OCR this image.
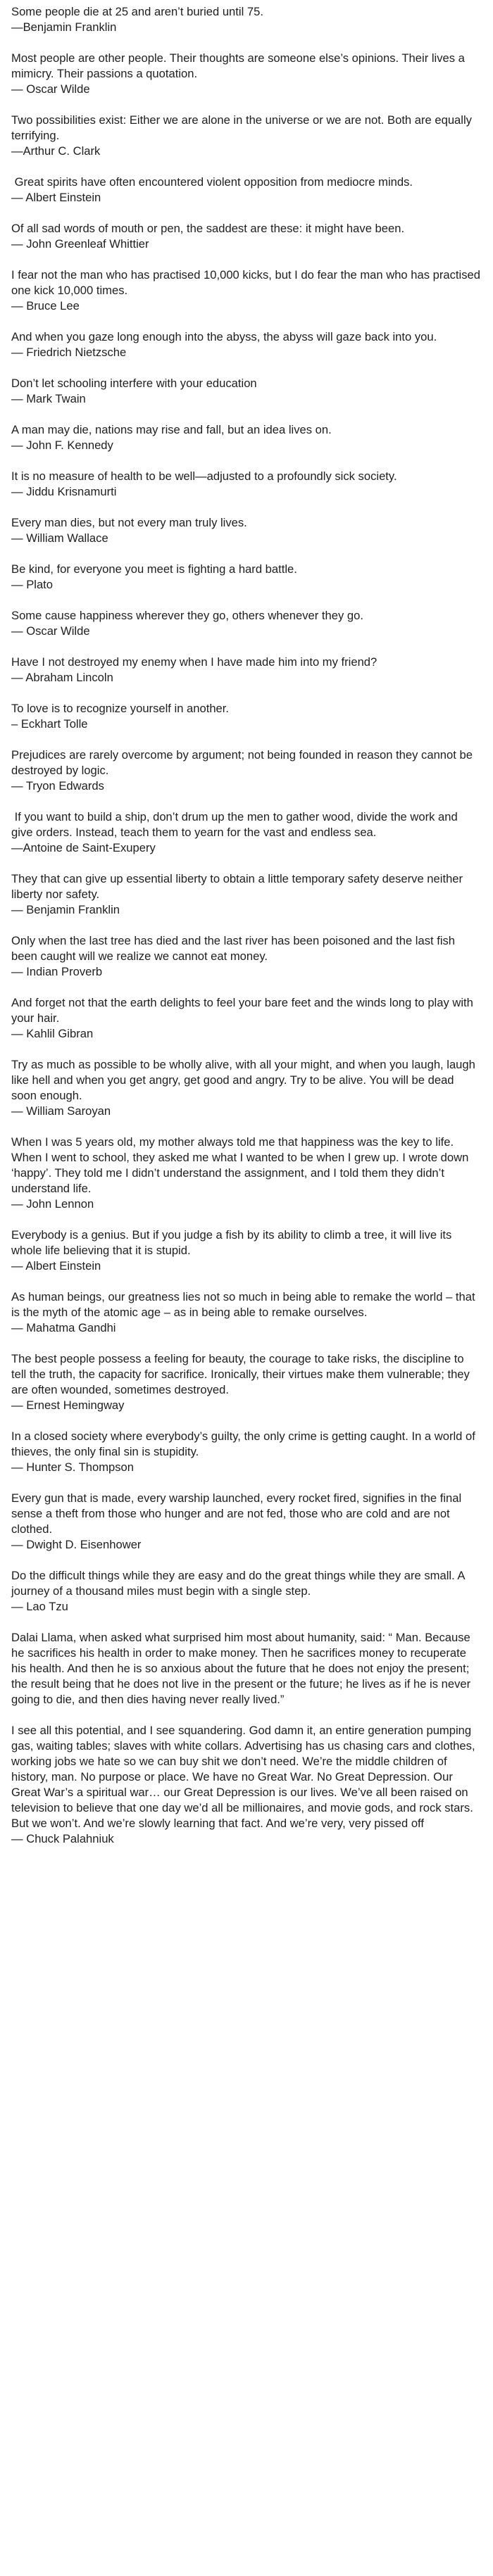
Some people die at 25 and aren’t buried until 75.

—Benjamin Franklin

Most people are other people. Their thoughts are someone else’s opinions. Their lives a mimicry. Their passions a quotation.

— Oscar Wilde

Two possibilities exist: Either we are alone in the universe or we are not. Both are equally terrifying.

—Arthur C. Clark

Great spirits have often encountered violent opposition from mediocre minds.

— Albert Einstein

Of all sad words of mouth or pen, the saddest are these: it might have been.

— John Greenleaf Whittier

I fear not the man who has practised 10,000 kicks, but I do fear the man who has practised one kick 10,000 times.

— Bruce Lee

And when you gaze long enough into the abyss, the abyss will gaze back into you.

— Friedrich Nietzsche

Don’t let schooling interfere with your education

— Mark Twain

A man may die, nations may rise and fall, but an idea lives on.

— John F. Kennedy

It is no measure of health to be well—adjusted to a profoundly sick society.

— Jiddu Krisnamurti

Every man dies, but not every man truly lives.

— William Wallace

Be kind, for everyone you meet is fighting a hard battle.

— Plato

Some cause happiness wherever they go, others whenever they go.

— Oscar Wilde

Have I not destroyed my enemy when I have made him into my friend?

— Abraham Lincoln

To love is to recognize yourself in another.

– Eckhart Tolle

Prejudices are rarely overcome by argument; not being founded in reason they cannot be destroyed by logic.

— Tryon Edwards

If you want to build a ship, don’t drum up the men to gather wood, divide the work and give orders. Instead, teach them to yearn for the vast and endless sea.

—Antoine de Saint-Exupery

They that can give up essential liberty to obtain a little temporary safety deserve neither liberty nor safety.

— Benjamin Franklin

Only when the last tree has died and the last river has been poisoned and the last fish been caught will we realize we cannot eat money.

— Indian Proverb

And forget not that the earth delights to feel your bare feet and the winds long to play with your hair.

— Kahlil Gibran

Try as much as possible to be wholly alive, with all your might, and when you laugh, laugh like hell and when you get angry, get good and angry. Try to be alive. You will be dead soon enough.

— William Saroyan

When I was 5 years old, my mother always told me that happiness was the key to life. When I went to school, they asked me what I wanted to be when I grew up. I wrote down ‘happy’. They told me I didn’t understand the assignment, and I told them they didn’t understand life.

— John Lennon

Everybody is a genius. But if you judge a fish by its ability to climb a tree, it will live its whole life believing that it is stupid.

— Albert Einstein

As human beings, our greatness lies not so much in being able to remake the world – that is the myth of the atomic age – as in being able to remake ourselves.

— Mahatma Gandhi

The best people possess a feeling for beauty, the courage to take risks, the discipline to tell the truth, the capacity for sacrifice. Ironically, their virtues make them vulnerable; they are often wounded, sometimes destroyed.

— Ernest Hemingway

In a closed society where everybody’s guilty, the only crime is getting caught. In a world of thieves, the only final sin is stupidity.

— Hunter S. Thompson

Every gun that is made, every warship launched, every rocket fired, signifies in the final sense a theft from those who hunger and are not fed, those who are cold and are not clothed.

— Dwight D. Eisenhower

Do the difficult things while they are easy and do the great things while they are small. A journey of a thousand miles must begin with a single step.

— Lao Tzu

Dalai Llama, when asked what surprised him most about humanity, said: “ Man. Because he sacrifices his health in order to make money. Then he sacrifices money to recuperate his health. And then he is so anxious about the future that he does not enjoy the present; the result being that he does not live in the present or the future; he lives as if he is never going to die, and then dies having never really lived.”

I see all this potential, and I see squandering. God damn it, an entire generation pumping gas, waiting tables; slaves with white collars. Advertising has us chasing cars and clothes, working jobs we hate so we can buy shit we don’t need. We’re the middle children of history, man. No purpose or place. We have no Great War. No Great Depression. Our Great War’s a spiritual war… our Great Depression is our lives. We’ve all been raised on television to believe that one day we’d all be millionaires, and movie gods, and rock stars. But we won’t. And we’re slowly learning that fact. And we’re very, very pissed off

— Chuck Palahniuk
